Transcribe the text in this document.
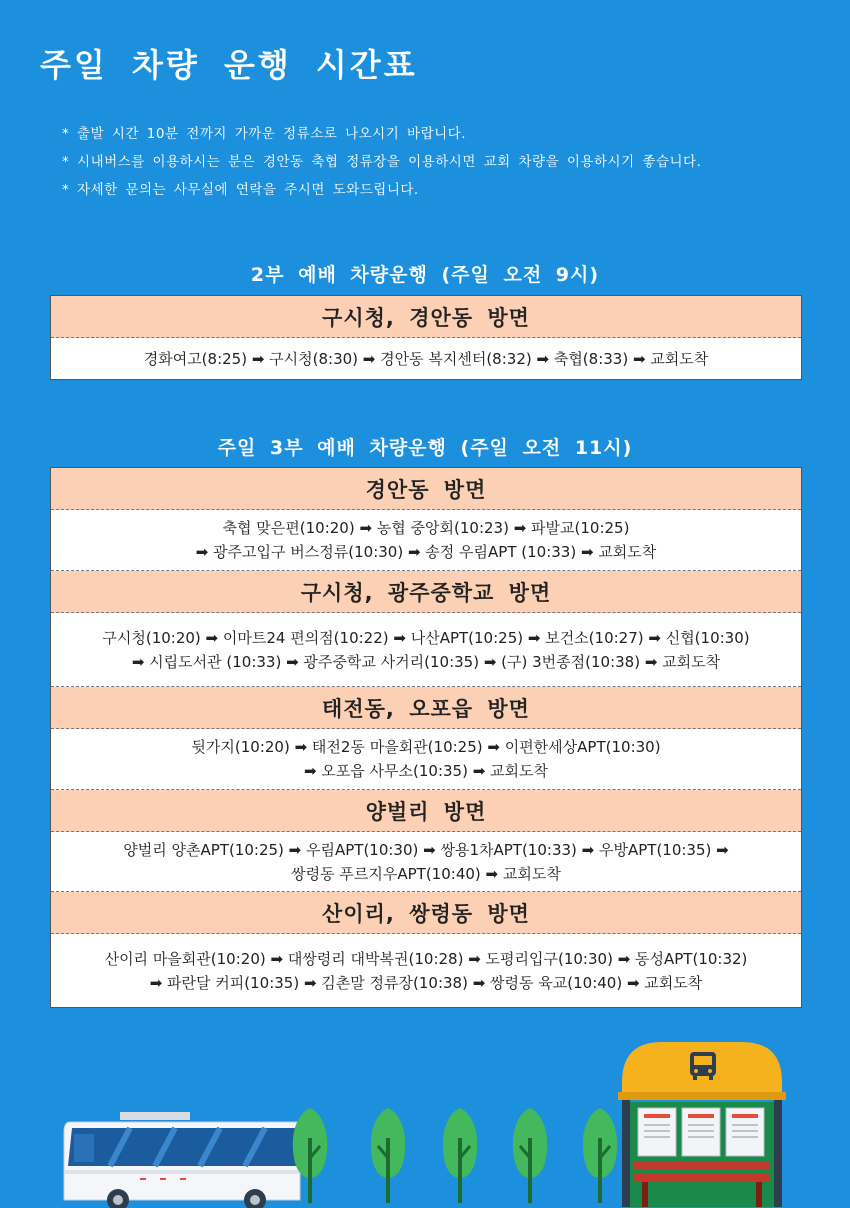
주일 차량 운행 시간표
* 출발 시간 10분 전까지 가까운 정류소로 나오시기 바랍니다.
* 시내버스를 이용하시는 분은 경안동 축협 정류장을 이용하시면 교회 차량을 이용하시기 좋습니다.
* 자세한 문의는 사무실에 연락을 주시면 도와드립니다.
2부 예배 차량운행 (주일 오전 9시)
구시청, 경안동 방면
경화여고(8:25) ➡ 구시청(8:30) ➡ 경안동 복지센터(8:32) ➡ 축협(8:33) ➡ 교회도착
주일 3부 예배 차량운행 (주일 오전 11시)
경안동 방면
축협 맞은편(10:20) ➡ 농협 중앙회(10:23) ➡ 파발교(10:25)
➡ 광주고입구 버스정류(10:30) ➡ 송정 우림APT (10:33) ➡ 교회도착
구시청, 광주중학교 방면
구시청(10:20) ➡ 이마트24 편의점(10:22) ➡ 나산APT(10:25) ➡ 보건소(10:27) ➡ 신협(10:30)
➡ 시립도서관 (10:33) ➡ 광주중학교 사거리(10:35) ➡ (구) 3번종점(10:38) ➡ 교회도착
태전동, 오포읍 방면
뒷가지(10:20) ➡ 태전2동 마을회관(10:25) ➡ 이편한세상APT(10:30)
➡ 오포읍 사무소(10:35) ➡ 교회도착
양벌리 방면
양벌리 양촌APT(10:25) ➡ 우림APT(10:30) ➡ 쌍용1차APT(10:33) ➡ 우방APT(10:35) ➡
쌍령동 푸르지우APT(10:40) ➡ 교회도착
산이리, 쌍령동 방면
산이리 마을회관(10:20) ➡ 대쌍령리 대박복권(10:28) ➡ 도평리입구(10:30) ➡ 동성APT(10:32)
➡ 파란달 커피(10:35) ➡ 김촌말 정류장(10:38) ➡ 쌍령동 육교(10:40) ➡ 교회도착
